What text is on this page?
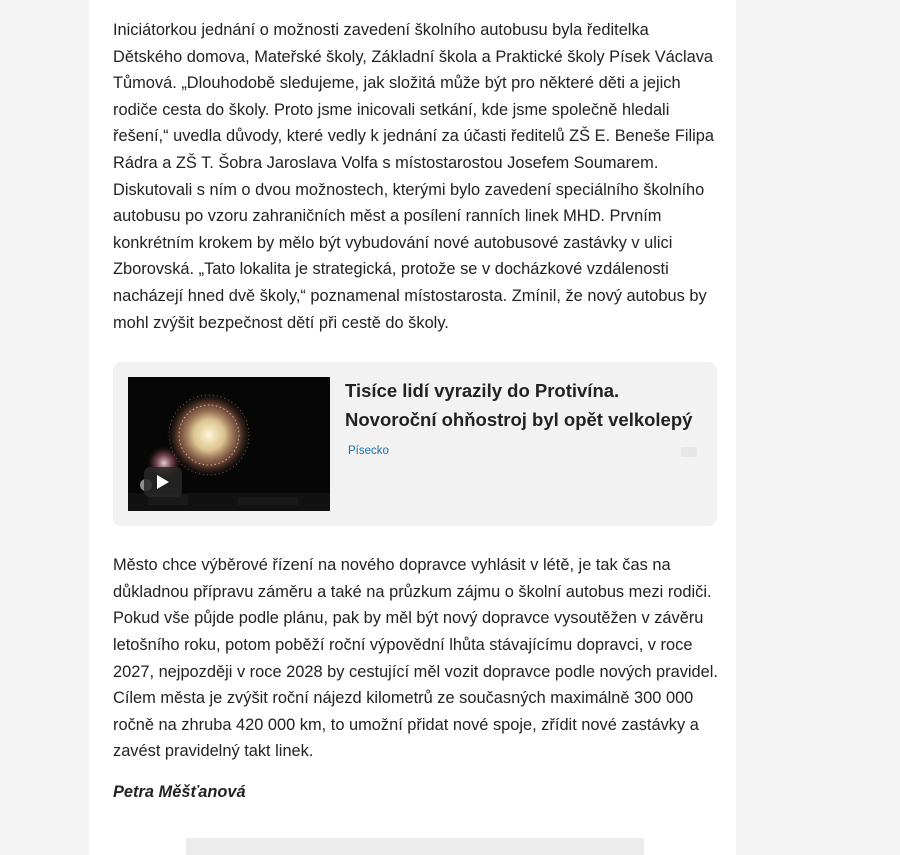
Iniciátorkou jednání o možnosti zavedení školního autobusu byla ředitelka Dětského domova, Mateřské školy, Základní škola a Praktické školy Písek Václava Tůmová. „Dlouhodobě sledujeme, jak složitá může být pro některé děti a jejich rodiče cesta do školy. Proto jsme inicovali setkání, kde jsme společně hledali řešení,“ uvedla důvody, které vedly k jednání za účasti ředitelů ZŠ E. Beneše Filipa Rádra a ZŠ T. Šobra Jaroslava Volfa s místostarostou Josefem Soumarem. Diskutovali s ním o dvou možnostech, kterými bylo zavedení speciálního školního autobusu po vzoru zahraničních měst a posílení ranních linek MHD. Prvním konkrétním krokem by mělo být vybudování nové autobusové zastávky v ulici Zborovská. „Tato lokalita je strategická, protože se v docházkové vzdálenosti nacházejí hned dvě školy,“ poznamenal místostarosta. Zmínil, že nový autobus by mohl zvýšit bezpečnost dětí při cestě do školy.

Tisíce lidí vyrazily do Protivína. Novoroční ohňostroj byl opět velkolepý
Písecko

Město chce výběrové řízení na nového dopravce vyhlásit v létě, je tak čas na důkladnou přípravu záměru a také na průzkum zájmu o školní autobus mezi rodiči. Pokud vše půjde podle plánu, pak by měl být nový dopravce vysoutěžen v závěru letošního roku, potom poběží roční výpovědní lhůta stávajícímu dopravci, v roce 2027, nejpozději v roce 2028 by cestující měl vozit dopravce podle nových pravidel. Cílem města je zvýšit roční nájezd kilometrů ze současných maximálně 300 000 ročně na zhruba 420 000 km, to umožní přidat nové spoje, zřídit nové zastávky a zavést pravidelný takt linek.

Petra Měšťanová
